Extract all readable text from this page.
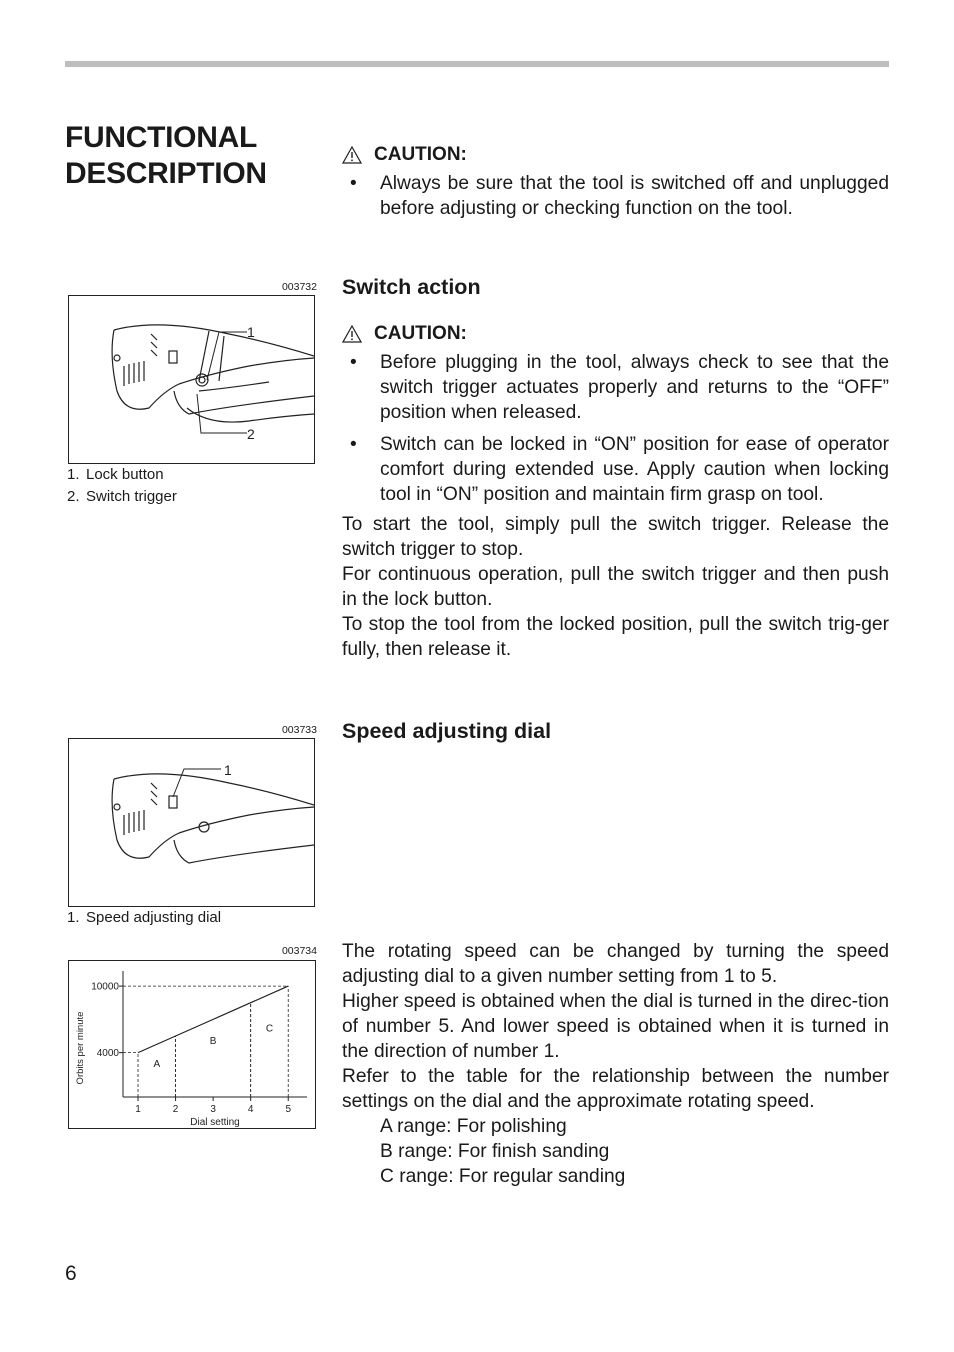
FUNCTIONAL
DESCRIPTION
CAUTION:
• Always be sure that the tool is switched off and unplugged before adjusting or checking function on the tool.
Switch action
CAUTION:
• Before plugging in the tool, always check to see that the switch trigger actuates properly and returns to the “OFF” position when released.
• Switch can be locked in “ON” position for ease of operator comfort during extended use. Apply caution when locking tool in “ON” position and maintain firm grasp on tool.

To start the tool, simply pull the switch trigger. Release the switch trigger to stop.

For continuous operation, pull the switch trigger and then push in the lock button.

To stop the tool from the locked position, pull the switch trig-ger fully, then release it.

Speed adjusting dial

The rotating speed can be changed by turning the speed adjusting dial to a given number setting from 1 to 5.

Higher speed is obtained when the dial is turned in the direc-tion of number 5. And lower speed is obtained when it is turned in the direction of number 1.

Refer to the table for the relationship between the number settings on the dial and the approximate rotating speed.

A range: For polishing
B range: For finish sanding
C range: For regular sanding
003732
1
2
1. Lock button
2. Switch trigger
003733
1
1. Speed adjusting dial
003734
4000
10000
1	2	3	4	5
A
B
C
Dial setting
Orbits per minute
6
